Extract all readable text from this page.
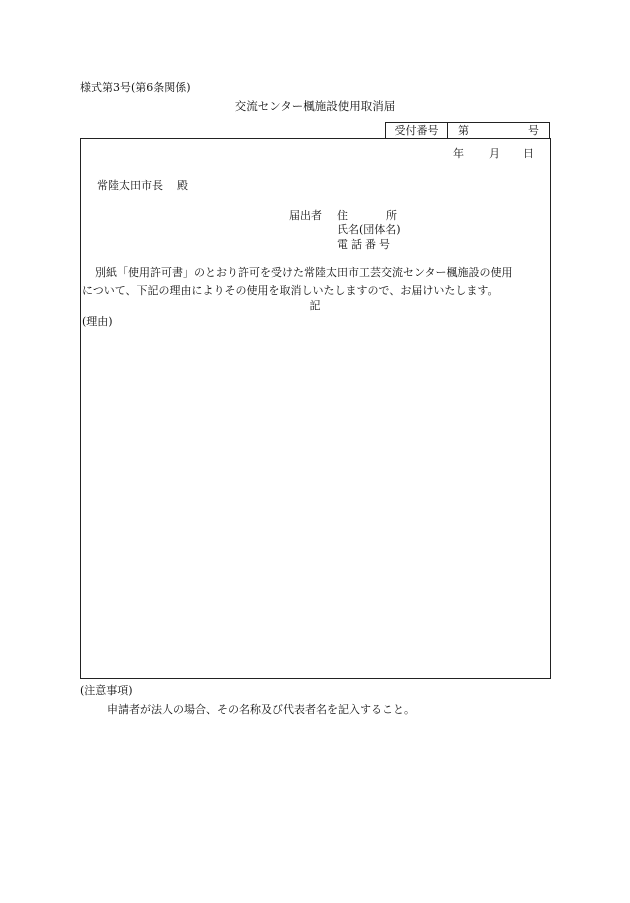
様式第3号(第6条関係)
交流センター楓施設使用取消届
受付番号	第	号
年 月 日
常陸太田市長 殿
届出者 住	所
氏名(団体名)
電話番号
別紙「使用許可書」のとおり許可を受けた常陸太田市工芸交流センター楓施設の使用
について、下記の理由によりその使用を取消しいたしますので、お届けいたします。
記
(理由)
(注意事項)
申請者が法人の場合、その名称及び代表者名を記入すること。
